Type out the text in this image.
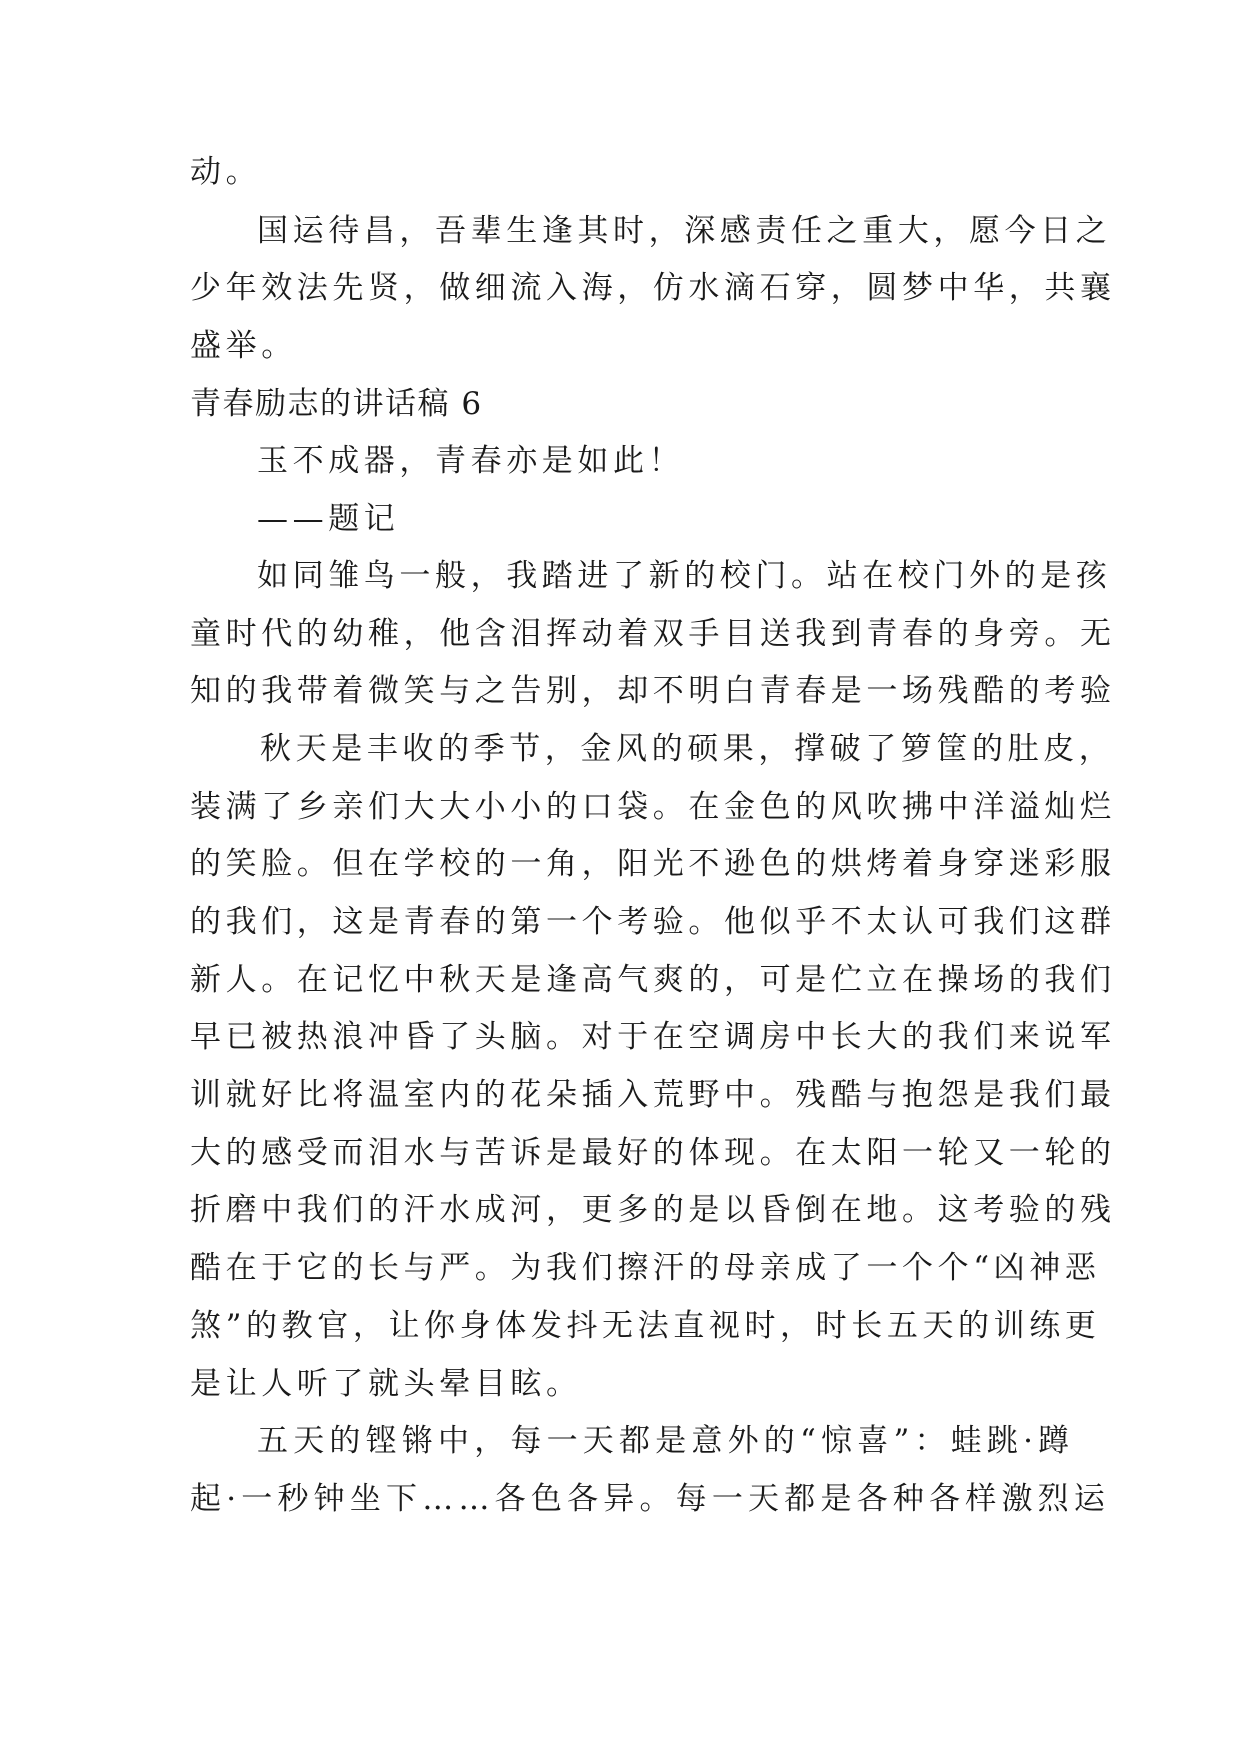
动。
国运待昌，吾辈生逢其时，深感责任之重大，愿今日之
少年效法先贤，做细流入海，仿水滴石穿，圆梦中华，共襄
盛举。
青春励志的讲话稿 6
玉不成器，青春亦是如此！
——题记
如同雏鸟一般，我踏进了新的校门。站在校门外的是孩
童时代的幼稚，他含泪挥动着双手目送我到青春的身旁。无
知的我带着微笑与之告别，却不明白青春是一场残酷的考验
秋天是丰收的季节，金风的硕果，撑破了箩筐的肚皮，
装满了乡亲们大大小小的口袋。在金色的风吹拂中洋溢灿烂
的笑脸。但在学校的一角，阳光不逊色的烘烤着身穿迷彩服
的我们，这是青春的第一个考验。他似乎不太认可我们这群
新人。在记忆中秋天是逢高气爽的，可是伫立在操场的我们
早已被热浪冲昏了头脑。对于在空调房中长大的我们来说军
训就好比将温室内的花朵插入荒野中。残酷与抱怨是我们最
大的感受而泪水与苦诉是最好的体现。在太阳一轮又一轮的
折磨中我们的汗水成河，更多的是以昏倒在地。这考验的残
酷在于它的长与严。为我们擦汗的母亲成了一个个“凶神恶
煞”的教官，让你身体发抖无法直视时，时长五天的训练更
是让人听了就头晕目眩。
五天的铿锵中，每一天都是意外的“惊喜”：蛙跳·蹲
起·一秒钟坐下……各色各异。每一天都是各种各样激烈运
